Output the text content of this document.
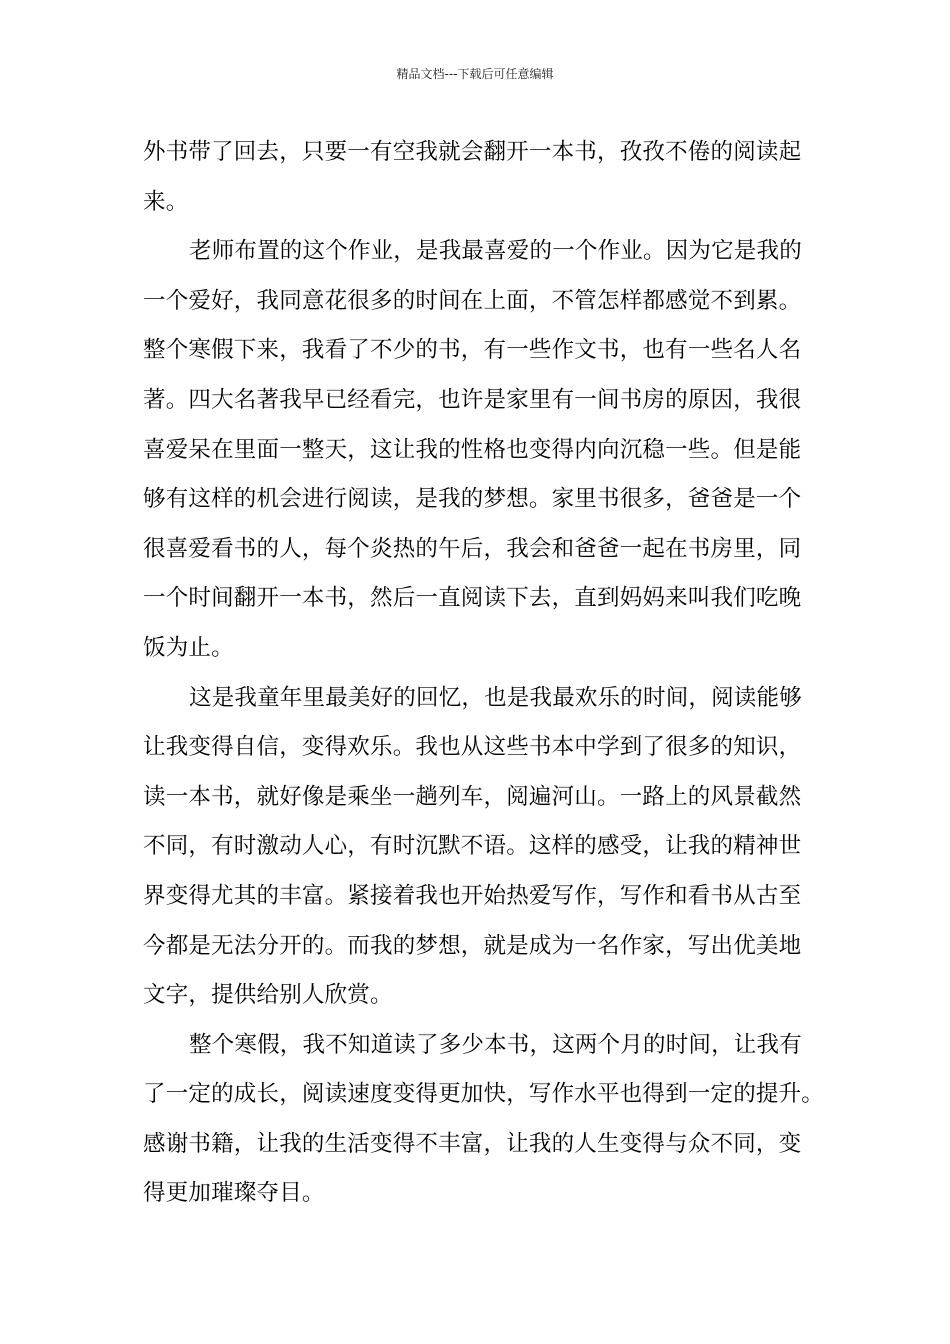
精品文档---下载后可任意编辑
外书带了回去，只要一有空我就会翻开一本书，孜孜不倦的阅读起
来。
老师布置的这个作业，是我最喜爱的一个作业。因为它是我的
一个爱好，我同意花很多的时间在上面，不管怎样都感觉不到累。
整个寒假下来，我看了不少的书，有一些作文书，也有一些名人名
著。四大名著我早已经看完，也许是家里有一间书房的原因，我很
喜爱呆在里面一整天，这让我的性格也变得内向沉稳一些。但是能
够有这样的机会进行阅读，是我的梦想。家里书很多，爸爸是一个
很喜爱看书的人，每个炎热的午后，我会和爸爸一起在书房里，同
一个时间翻开一本书，然后一直阅读下去，直到妈妈来叫我们吃晚
饭为止。
这是我童年里最美好的回忆，也是我最欢乐的时间，阅读能够
让我变得自信，变得欢乐。我也从这些书本中学到了很多的知识，
读一本书，就好像是乘坐一趟列车，阅遍河山。一路上的风景截然
不同，有时激动人心，有时沉默不语。这样的感受，让我的精神世
界变得尤其的丰富。紧接着我也开始热爱写作，写作和看书从古至
今都是无法分开的。而我的梦想，就是成为一名作家，写出优美地
文字，提供给别人欣赏。
整个寒假，我不知道读了多少本书，这两个月的时间，让我有
了一定的成长，阅读速度变得更加快，写作水平也得到一定的提升。
感谢书籍，让我的生活变得不丰富，让我的人生变得与众不同，变
得更加璀璨夺目。
